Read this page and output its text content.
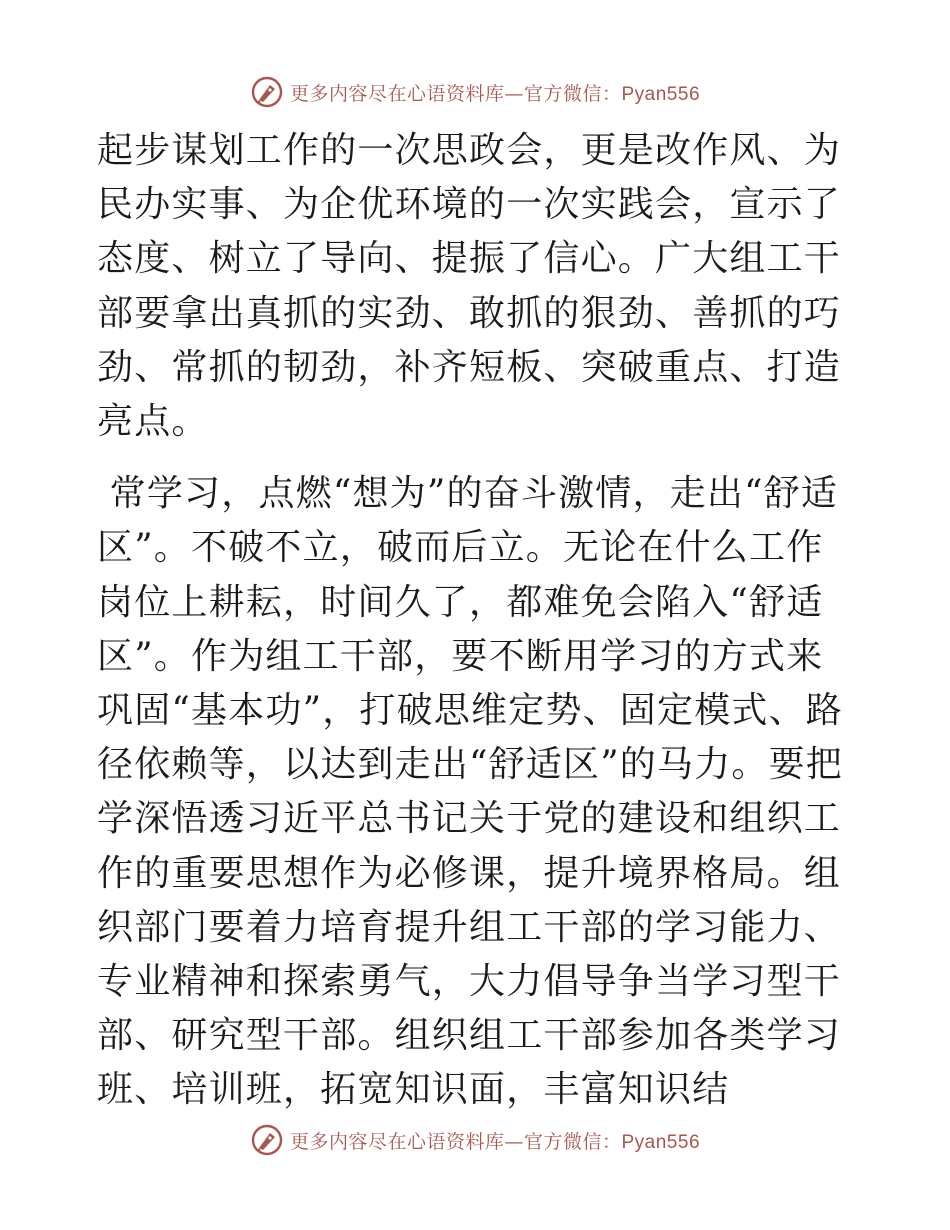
更多内容尽在心语资料库—官方微信：Pyan556

起步谋划工作的一次思政会，更是改作风、为民办实事、为企优环境的一次实践会，宣示了态度、树立了导向、提振了信心。广大组工干部要拿出真抓的实劲、敢抓的狠劲、善抓的巧劲、常抓的韧劲，补齐短板、突破重点、打造亮点。

常学习，点燃“想为”的奋斗激情，走出“舒适区”。不破不立，破而后立。无论在什么工作岗位上耕耘，时间久了，都难免会陷入“舒适区”。作为组工干部，要不断用学习的方式来巩固“基本功”，打破思维定势、固定模式、路径依赖等，以达到走出“舒适区”的马力。要把学深悟透习近平总书记关于党的建设和组织工作的重要思想作为必修课，提升境界格局。组织部门要着力培育提升组工干部的学习能力、专业精神和探索勇气，大力倡导争当学习型干部、研究型干部。组织组工干部参加各类学习班、培训班，拓宽知识面，丰富知识结

更多内容尽在心语资料库—官方微信：Pyan556
